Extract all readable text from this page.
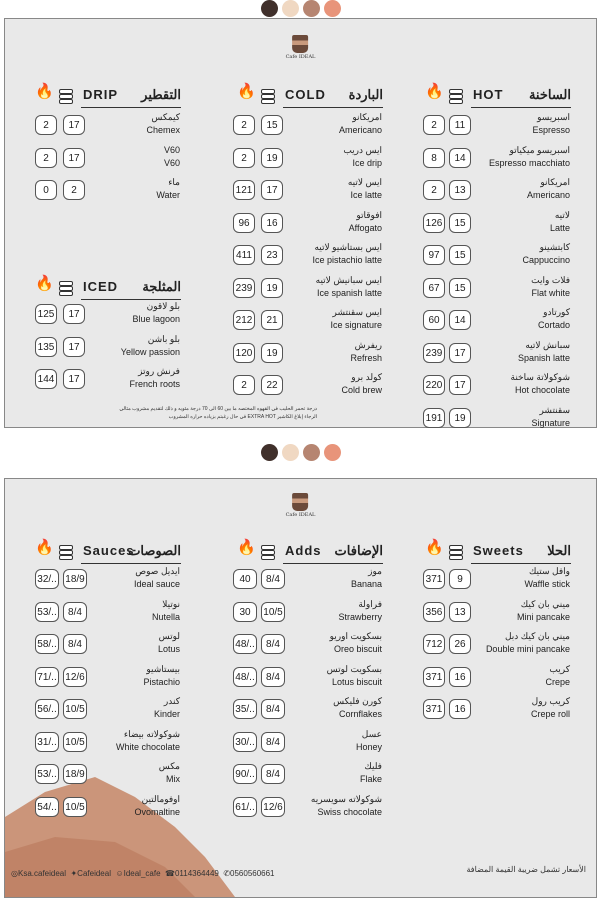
Cafe IDEAL
🔥 DRIP التقطير
2	17
كيمكس
Chemex
2	17
V60
V60
0	2
ماء
Water
🔥 ICED المثلجة
125	17
بلو لاقون
Blue lagoon
135	17
بلو باشن
Yellow passion
144	17
فرنش روتز
French roots
🔥 COLD الباردة
2	15
امريكانو
Americano
2	19
ايس دريب
Ice drip
121	17
ايس لاتيه
Ice latte
96	16
افوقاتو
Affogato
411	23
ايس بستاشيو لاتيه
Ice pistachio latte
239	19
ايس سبانيش لاتيه
Ice spanish latte
212	21
ايس سقنتشر
Ice signature
120	19
ريفرش
Refresh
2	22
كولد برو
Cold brew
🔥 HOT الساخنة
2	11
اسبريسو
Espresso
8	14
اسبريسو ميكياتو
Espresso macchiato
2	13
امريكانو
Americano
126	15
لاتيه
Latte
97	15
كابتشينو
Cappuccino
67	15
فلات وايت
Flat white
60	14
كورتادو
Cortado
239	17
سبانش لاتيه
Spanish latte
220	17
شوكولاتة ساخنة
Hot chocolate
191	19
سقنتشر
Signature
درجة تحمر الحليب في القهوه المختصه ما بين 60 الى 70 درجة مئويه و ذلك لتقديم مشروب مثالي
في حال رغبتم بزياده حراره المشروب EXTRA HOT الرجاء إبلاغ الكاشير
Cafe IDEAL
🔥 Sauces
الصوصات
32/.. 18/9
ايديل صوص
Ideal sauce
53/..	8/4
نوتيلا
Nutella
58/..	8/4
لوتس
Lotus
71/.. 12/6
بيستاشيو
Pistachio
56/.. 10/5
كندر
Kinder
31/.. 10/5
شوكولاته بيضاء
White chocolate
53/.. 18/9
مكس
Mix
54/.. 10/5
اوفومالتين
Ovomaltine
🔥 Adds الإضافات
40	8/4
موز
Banana
30	10/5
فراولة
Strawberry
48/..	8/4
بسكويت اوريو
Oreo biscuit
48/..	8/4
بسكويت لوتس
Lotus biscuit
35/..	8/4
كورن فليكس
Cornflakes
30/..	8/4
عسل
Honey
90/..	8/4
فليك
Flake
61/.. 12/6
شوكولاته سويسريه
Swiss chocolate
🔥 Sweets الحلا
371	9
وافل ستيك
Waffle stick
356	13
ميني بان كيك
Mini pancake
712	26
ميني بان كيك دبل
Double mini pancake
371	16
كريب
Crepe
371	16
كريب رول
Crepe roll
◎Ksa.cafeideal ✦Cafeideal ☺Ideal_cafe ☎0114364449 ✆0560560661	الأسعار تشمل ضريبة القيمة المضافة
